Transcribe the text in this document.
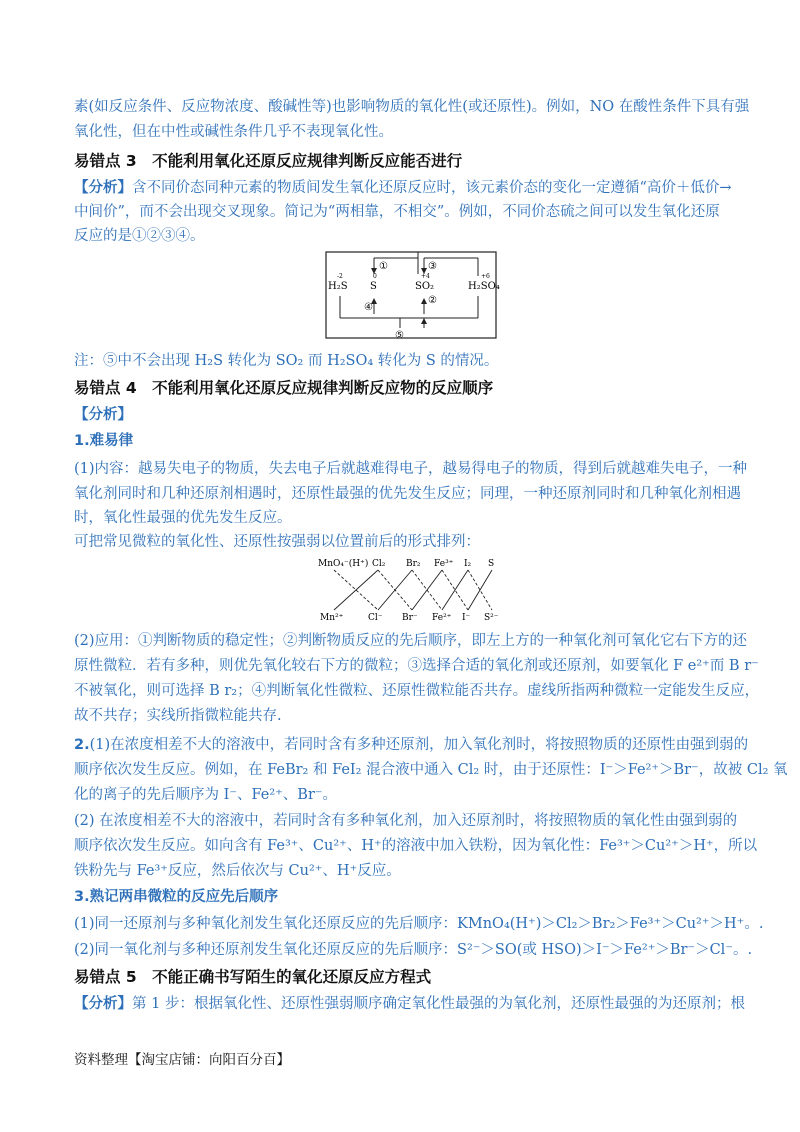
素(如反应条件、反应物浓度、酸碱性等)也影响物质的氧化性(或还原性)。例如，NO 在酸性条件下具有强
氧化性，但在中性或碱性条件几乎不表现氧化性。
易错点 3　不能利用氧化还原反应规律判断反应能否进行
【分析】含不同价态同种元素的物质间发生氧化还原反应时，该元素价态的变化一定遵循“高价＋低价→
中间价”，而不会出现交叉现象。简记为“两相靠，不相交”。例如，不同价态硫之间可以发生氧化还原
反应的是①②③④。
H₂S S	SO₂	H₂SO₄
-2	0	+4	+6
①
②
③
④
⑤
注：⑤中不会出现 H₂S 转化为 SO₂ 而 H₂SO₄ 转化为 S 的情况。
易错点 4　不能利用氧化还原反应规律判断反应物的反应顺序
【分析】
1.难易律
(1)内容：越易失电子的物质，失去电子后就越难得电子，越易得电子的物质，得到后就越难失电子，一种
氧化剂同时和几种还原剂相遇时，还原性最强的优先发生反应；同理，一种还原剂同时和几种氧化剂相遇
时，氧化性最强的优先发生反应。
可把常见微粒的氧化性、还原性按强弱以位置前后的形式排列：
MnO₄⁻(H⁺) Cl₂ Br₂ Fe³⁺ I₂ S
Mn²⁺	Cl⁻ Br⁻ Fe²⁺ I⁻ S²⁻
(2)应用：①判断物质的稳定性；②判断物质反应的先后顺序，即左上方的一种氧化剂可氧化它右下方的还
原性微粒．若有多种，则优先氧化较右下方的微粒；③选择合适的氧化剂或还原剂，如要氧化 F e²⁺而 B r⁻
不被氧化，则可选择 B r₂；④判断氧化性微粒、还原性微粒能否共存。虚线所指两种微粒一定能发生反应，
故不共存；实线所指微粒能共存.
2.(1)在浓度相差不大的溶液中，若同时含有多种还原剂，加入氧化剂时，将按照物质的还原性由强到弱的
顺序依次发生反应。例如，在 FeBr₂ 和 FeI₂ 混合液中通入 Cl₂ 时，由于还原性：I⁻＞Fe²⁺＞Br⁻，故被 Cl₂ 氧
化的离子的先后顺序为 I⁻、Fe²⁺、Br⁻。
(2) 在浓度相差不大的溶液中，若同时含有多种氧化剂，加入还原剂时，将按照物质的氧化性由强到弱的
顺序依次发生反应。如向含有 Fe³⁺、Cu²⁺、H⁺的溶液中加入铁粉，因为氧化性：Fe³⁺＞Cu²⁺＞H⁺，所以
铁粉先与 Fe³⁺反应，然后依次与 Cu²⁺、H⁺反应。
3.熟记两串微粒的反应先后顺序
(1)同一还原剂与多种氧化剂发生氧化还原反应的先后顺序：KMnO₄(H⁺)＞Cl₂＞Br₂＞Fe³⁺＞Cu²⁺＞H⁺。.
(2)同一氧化剂与多种还原剂发生氧化还原反应的先后顺序：S²⁻＞SO(或 HSO)＞I⁻＞Fe²⁺＞Br⁻＞Cl⁻。.
易错点 5　不能正确书写陌生的氧化还原反应方程式
【分析】第 1 步：根据氧化性、还原性强弱顺序确定氧化性最强的为氧化剂，还原性最强的为还原剂；根
资料整理【淘宝店铺：向阳百分百】
